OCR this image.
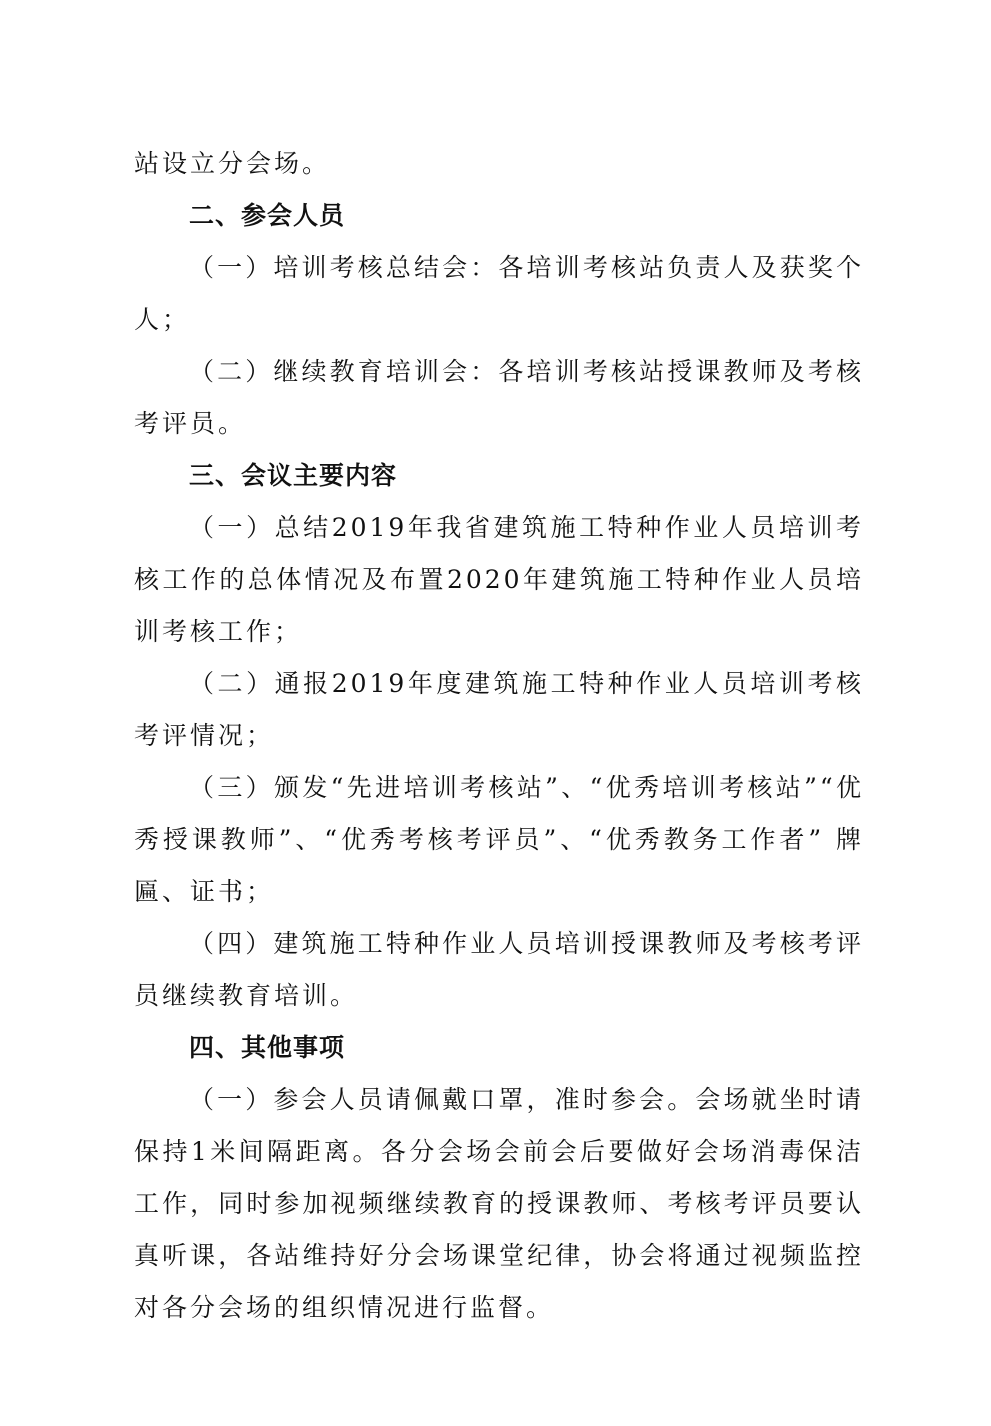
站设立分会场。

二、参会人员

（一）培训考核总结会：各培训考核站负责人及获奖个人；

（二）继续教育培训会：各培训考核站授课教师及考核考评员。

三、会议主要内容

（一）总结2019年我省建筑施工特种作业人员培训考核工作的总体情况及布置2020年建筑施工特种作业人员培训考核工作；

（二）通报2019年度建筑施工特种作业人员培训考核考评情况；

（三）颁发“先进培训考核站”、“优秀培训考核站”“优秀授课教师”、“优秀考核考评员”、“优秀教务工作者” 牌匾、证书；

（四）建筑施工特种作业人员培训授课教师及考核考评员继续教育培训。

四、其他事项

（一）参会人员请佩戴口罩，准时参会。会场就坐时请保持1米间隔距离。各分会场会前会后要做好会场消毒保洁工作，同时参加视频继续教育的授课教师、考核考评员要认真听课，各站维持好分会场课堂纪律，协会将通过视频监控对各分会场的组织情况进行监督。
